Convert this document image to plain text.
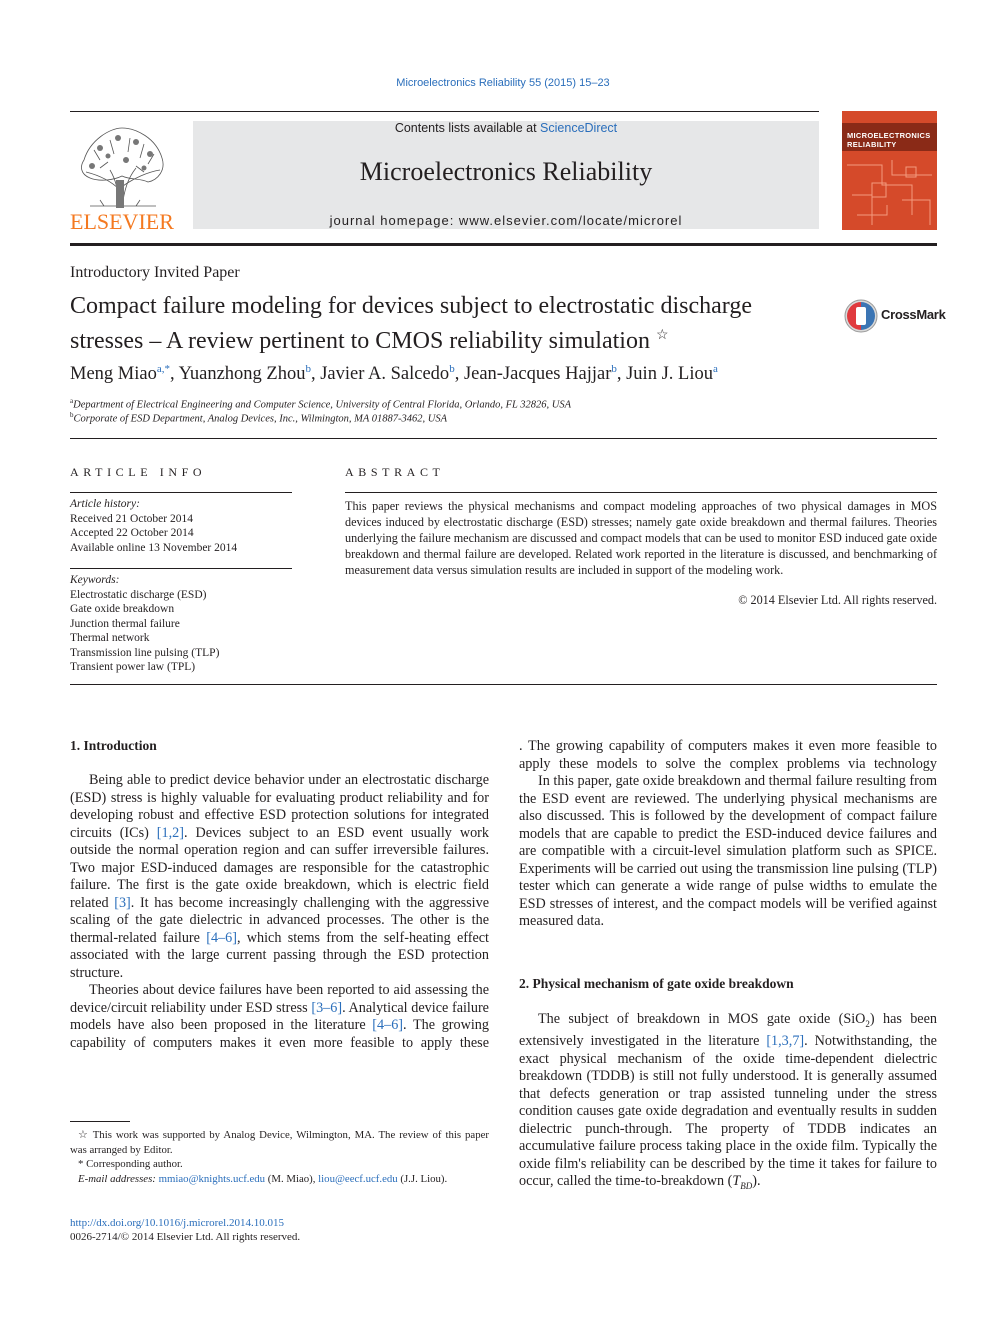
Microelectronics Reliability 55 (2015) 15–23
ELSEVIER
Contents lists available at ScienceDirect
Microelectronics Reliability
journal homepage: www.elsevier.com/locate/microrel
MICROELECTRONICS RELIABILITY
Introductory Invited Paper
Compact failure modeling for devices subject to electrostatic discharge
stresses – A review pertinent to CMOS reliability simulation ☆
CrossMark
Meng Miao$^{a,*}$, Yuanzhong Zhou$^b$, Javier A. Salcedo$^b$, Jean-Jacques Hajjar$^b$, Juin J. Liou$^a$
$^a$Department of Electrical Engineering and Computer Science, University of Central Florida, Orlando, FL 32826, USA
$^b$Corporate of ESD Department, Analog Devices, Inc., Wilmington, MA 01887-3462, USA
ARTICLE INFO
Article history:
Received 21 October 2014
Accepted 22 October 2014
Available online 13 November 2014
Keywords:
Electrostatic discharge (ESD)
Gate oxide breakdown
Junction thermal failure
Thermal network
Transmission line pulsing (TLP)
Transient power law (TPL)
ABSTRACT
This paper reviews the physical mechanisms and compact modeling approaches of two physical damages in MOS devices induced by electrostatic discharge (ESD) stresses; namely gate oxide breakdown and thermal failures. Theories underlying the failure mechanism are discussed and compact models that can be used to monitor ESD induced gate oxide breakdown and thermal failure are developed. Related work reported in the literature is discussed, and benchmarking of measurement data versus simulation results are included in support of the modeling work.
© 2014 Elsevier Ltd. All rights reserved.
1. Introduction

Being able to predict device behavior under an electrostatic discharge (ESD) stress is highly valuable for evaluating product reliability and for developing robust and effective ESD protection solutions for integrated circuits (ICs) [1,2]. Devices subject to an ESD event usually work outside the normal operation region and can suffer irreversible failures. Two major ESD-induced damages are responsible for the catastrophic failure. The first is the gate oxide breakdown, which is electric field related [3]. It has become increasingly challenging with the aggressive scaling of the gate dielectric in advanced processes. The other is the thermal-related failure [4–6], which stems from the self-heating effect associated with the large current passing through the ESD protection structure.

Theories about device failures have been reported to aid assessing the device/circuit reliability under ESD stress [3–6]. Analytical device failure models have also been proposed in the literature [4–6]. The growing capability of computers makes it even more feasible to apply these

☆ This work was supported by Analog Device, Wilmington, MA. The review of this paper was arranged by Editor.
* Corresponding author.
E-mail addresses: mmiao@knights.ucf.edu (M. Miao), liou@eecf.ucf.edu (J.J. Liou).
http://dx.doi.org/10.1016/j.microrel.2014.10.015
0026-2714/© 2014 Elsevier Ltd. All rights reserved.

. The growing capability of computers makes it even more feasible to apply these models to solve the complex problems via technology

In this paper, gate oxide breakdown and thermal failure resulting from the ESD event are reviewed. The underlying physical mechanisms are also discussed. This is followed by the development of compact failure models that are capable to predict the ESD-induced device failures and are compatible with a circuit-level simulation platform such as SPICE. Experiments will be carried out using the transmission line pulsing (TLP) tester which can generate a wide range of pulse widths to emulate the ESD stresses of interest, and the compact models will be verified against measured data.

2. Physical mechanism of gate oxide breakdown

The subject of breakdown in MOS gate oxide (SiO$_2$) has been extensively investigated in the literature [1,3,7]. Notwithstanding, the exact physical mechanism of the oxide time-dependent dielectric breakdown (TDDB) is still not fully understood. It is generally assumed that defects generation or trap assisted tunneling under the stress condition causes gate oxide degradation and eventually results in sudden dielectric punch-through. The property of TDDB indicates an accumulative failure process taking place in the oxide film. Typically the oxide film's reliability can be described by the time it takes for failure to occur, called the time-to-breakdown $(T_{BD})$.
